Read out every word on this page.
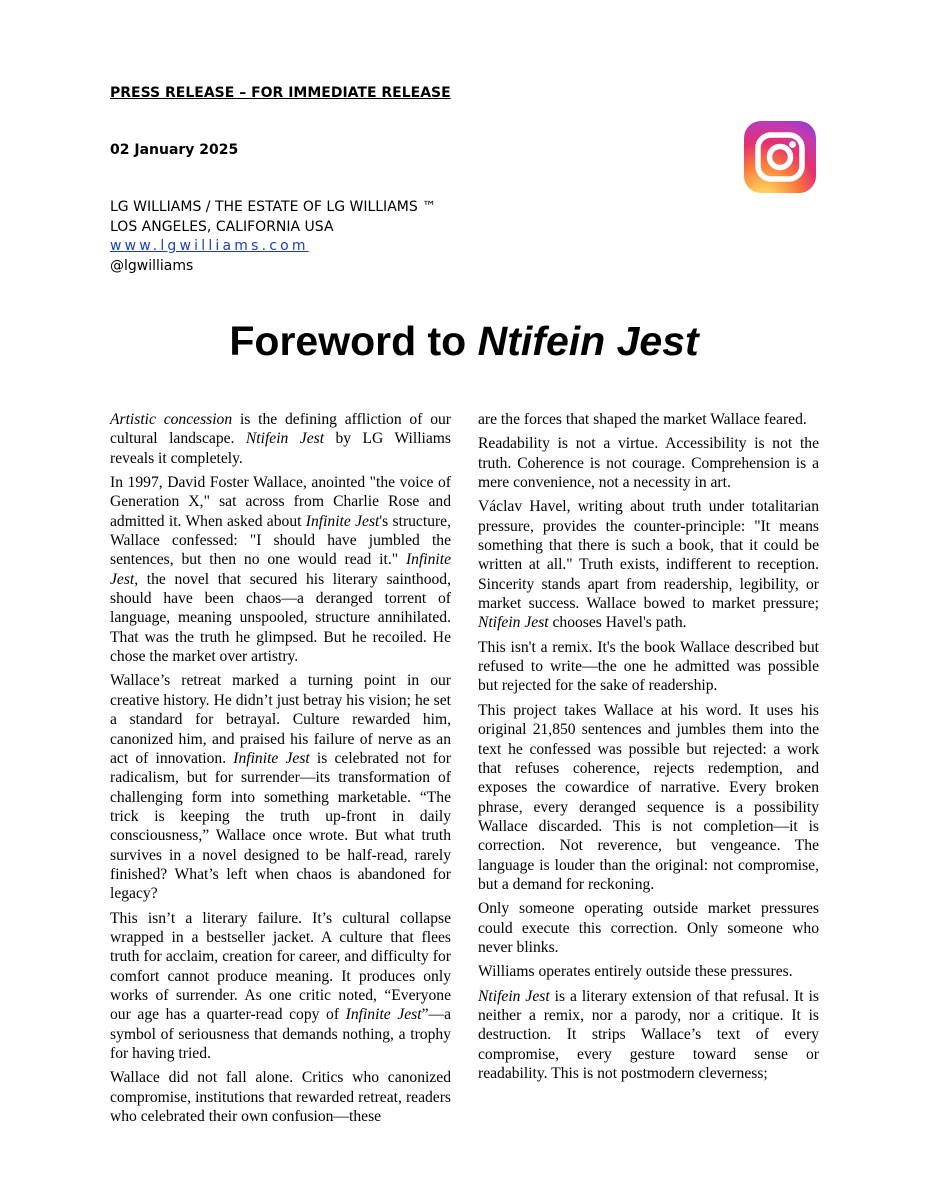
PRESS RELEASE – FOR IMMEDIATE RELEASE
02 January 2025
LG WILLIAMS / THE ESTATE OF LG WILLIAMS ™
LOS ANGELES, CALIFORNIA USA
www.lgwilliams.com
@lgwilliams
Foreword to Ntifein Jest

Artistic concession is the defining affliction of our cultural landscape. Ntifein Jest by LG Williams reveals it completely.

In 1997, David Foster Wallace, anointed "the voice of Generation X," sat across from Charlie Rose and admitted it. When asked about Infinite Jest's structure, Wallace confessed: "I should have jumbled the sentences, but then no one would read it." Infinite Jest, the novel that secured his literary sainthood, should have been chaos—a deranged torrent of language, meaning unspooled, structure annihilated. That was the truth he glimpsed. But he recoiled. He chose the market over artistry.

Wallace’s retreat marked a turning point in our creative history. He didn’t just betray his vision; he set a standard for betrayal. Culture rewarded him, canonized him, and praised his failure of nerve as an act of innovation. Infinite Jest is celebrated not for radicalism, but for surrender—its transformation of challenging form into something marketable. “The trick is keeping the truth up-front in daily consciousness,” Wallace once wrote. But what truth survives in a novel designed to be half-read, rarely finished? What’s left when chaos is abandoned for legacy?

This isn’t a literary failure. It’s cultural collapse wrapped in a bestseller jacket. A culture that flees truth for acclaim, creation for career, and difficulty for comfort cannot produce meaning. It produces only works of surrender. As one critic noted, “Everyone our age has a quarter-read copy of Infinite Jest”—a symbol of seriousness that demands nothing, a trophy for having tried.

Wallace did not fall alone. Critics who canonized compromise, institutions that rewarded retreat, readers who celebrated their own confusion—these

are the forces that shaped the market Wallace feared.

Readability is not a virtue. Accessibility is not the truth. Coherence is not courage. Comprehension is a mere convenience, not a necessity in art.

Václav Havel, writing about truth under totalitarian pressure, provides the counter-principle: "It means something that there is such a book, that it could be written at all." Truth exists, indifferent to reception. Sincerity stands apart from readership, legibility, or market success. Wallace bowed to market pressure; Ntifein Jest chooses Havel's path.

This isn't a remix. It's the book Wallace described but refused to write—the one he admitted was possible but rejected for the sake of readership.

This project takes Wallace at his word. It uses his original 21,850 sentences and jumbles them into the text he confessed was possible but rejected: a work that refuses coherence, rejects redemption, and exposes the cowardice of narrative. Every broken phrase, every deranged sequence is a possibility Wallace discarded. This is not completion—it is correction. Not reverence, but vengeance. The language is louder than the original: not compromise, but a demand for reckoning.

Only someone operating outside market pressures could execute this correction. Only someone who never blinks.

Williams operates entirely outside these pressures.

Ntifein Jest is a literary extension of that refusal. It is neither a remix, nor a parody, nor a critique. It is destruction. It strips Wallace’s text of every compromise, every gesture toward sense or readability. This is not postmodern cleverness;
